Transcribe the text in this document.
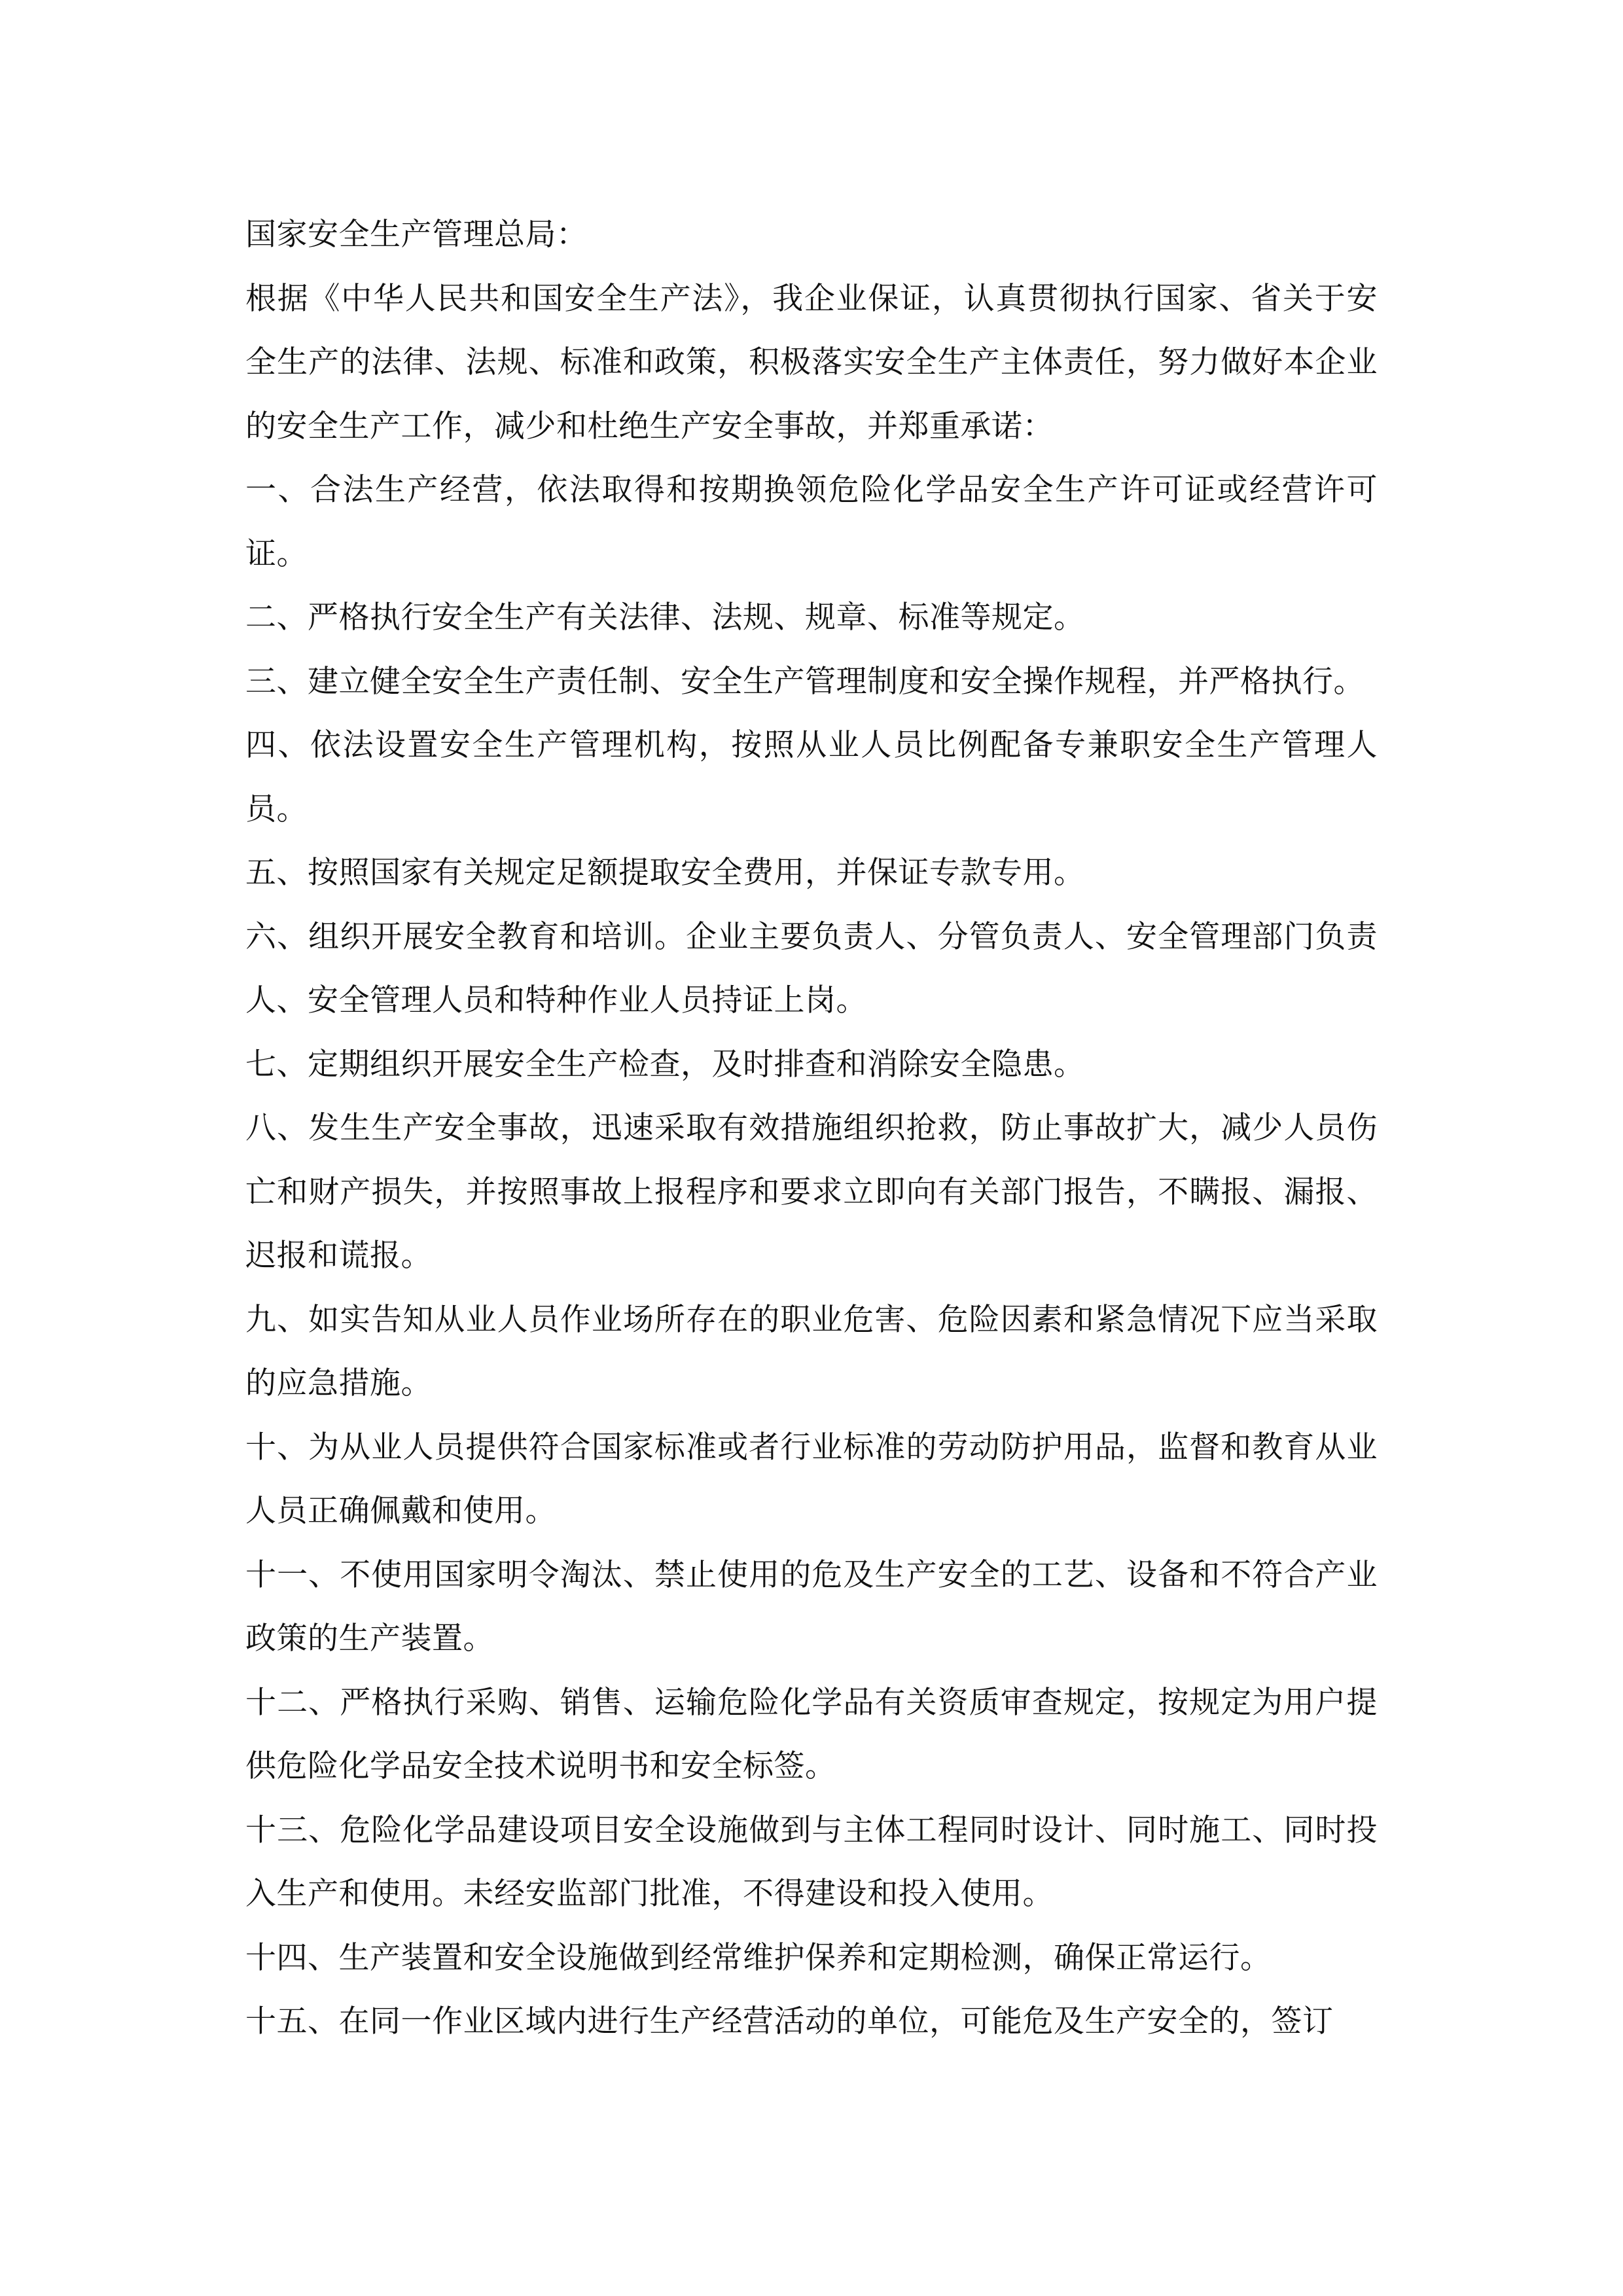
国家安全生产管理总局：

根据《中华人民共和国安全生产法》，我企业保证，认真贯彻执行国家、省关于安全生产的法律、法规、标准和政策，积极落实安全生产主体责任，努力做好本企业的安全生产工作，减少和杜绝生产安全事故，并郑重承诺：

一、合法生产经营，依法取得和按期换领危险化学品安全生产许可证或经营许可证。

二、严格执行安全生产有关法律、法规、规章、标准等规定。

三、建立健全安全生产责任制、安全生产管理制度和安全操作规程，并严格执行。

四、依法设置安全生产管理机构，按照从业人员比例配备专兼职安全生产管理人员。

五、按照国家有关规定足额提取安全费用，并保证专款专用。

六、组织开展安全教育和培训。企业主要负责人、分管负责人、安全管理部门负责人、安全管理人员和特种作业人员持证上岗。

七、定期组织开展安全生产检查，及时排查和消除安全隐患。

八、发生生产安全事故，迅速采取有效措施组织抢救，防止事故扩大，减少人员伤亡和财产损失，并按照事故上报程序和要求立即向有关部门报告，不瞒报、漏报、迟报和谎报。

九、如实告知从业人员作业场所存在的职业危害、危险因素和紧急情况下应当采取的应急措施。

十、为从业人员提供符合国家标准或者行业标准的劳动防护用品，监督和教育从业人员正确佩戴和使用。

十一、不使用国家明令淘汰、禁止使用的危及生产安全的工艺、设备和不符合产业政策的生产装置。

十二、严格执行采购、销售、运输危险化学品有关资质审查规定，按规定为用户提供危险化学品安全技术说明书和安全标签。

十三、危险化学品建设项目安全设施做到与主体工程同时设计、同时施工、同时投入生产和使用。未经安监部门批准，不得建设和投入使用。

十四、生产装置和安全设施做到经常维护保养和定期检测，确保正常运行。

十五、在同一作业区域内进行生产经营活动的单位，可能危及生产安全的，签订
